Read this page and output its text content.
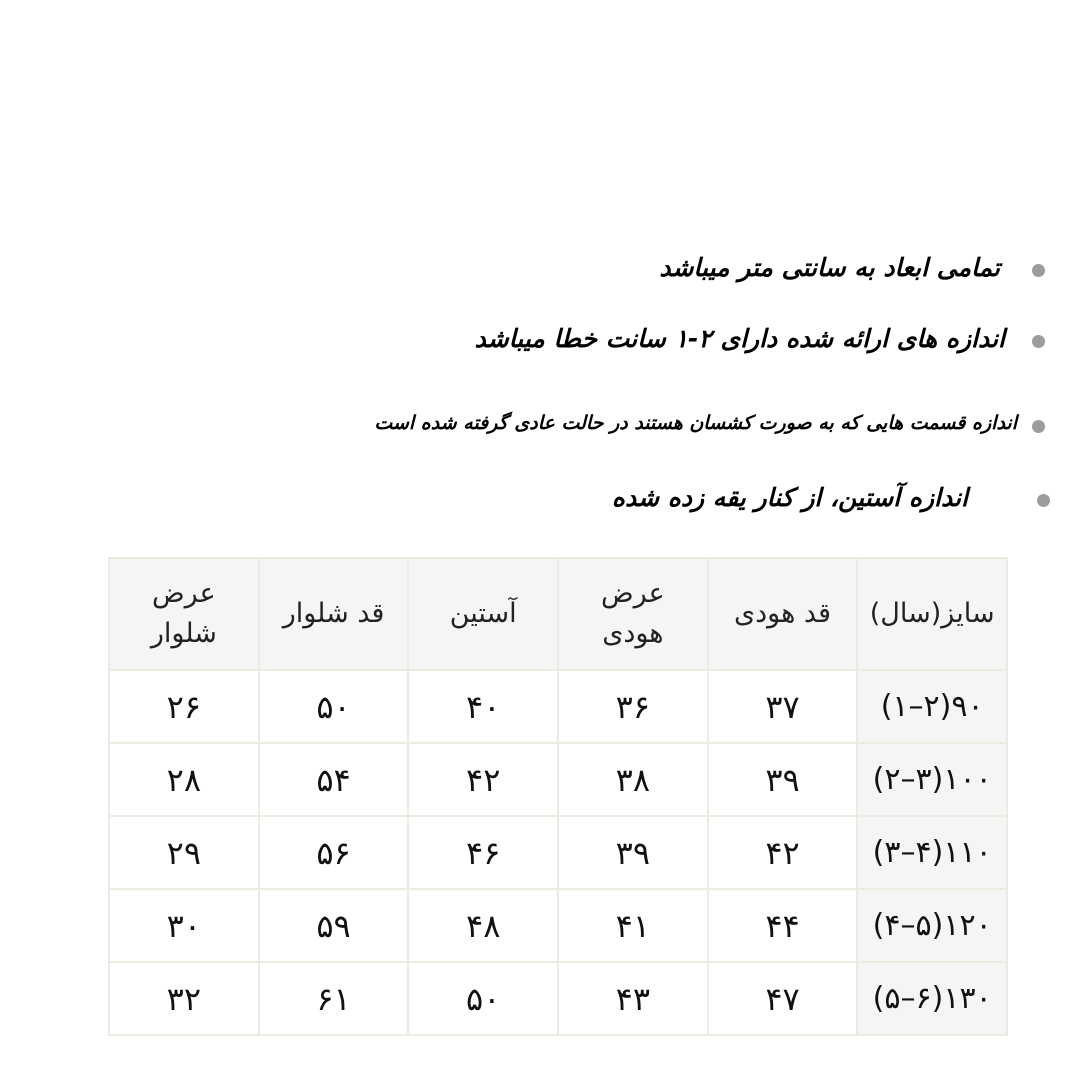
تمامی ابعاد به سانتی متر میباشد
اندازه های ارائه شده دارای ۲-۱ سانت خطا میباشد
اندازه قسمت هایی که به صورت کشسان هستند در حالت عادی گرفته شده است
اندازه آستین، از کنار یقه زده شده
سایز(سال)	قد هودی	عرض هودی	آستین	قد شلوار	عرض شلوار
۹۰(۲–۱)	۳۷	۳۶	۴۰	۵۰	۲۶
۱۰۰(۳–۲)	۳۹	۳۸	۴۲	۵۴	۲۸
۱۱۰(۴–۳)	۴۲	۳۹	۴۶	۵۶	۲۹
۱۲۰(۵–۴)	۴۴	۴۱	۴۸	۵۹	۳۰
۱۳۰(۶–۵)	۴۷	۴۳	۵۰	۶۱	۳۲
